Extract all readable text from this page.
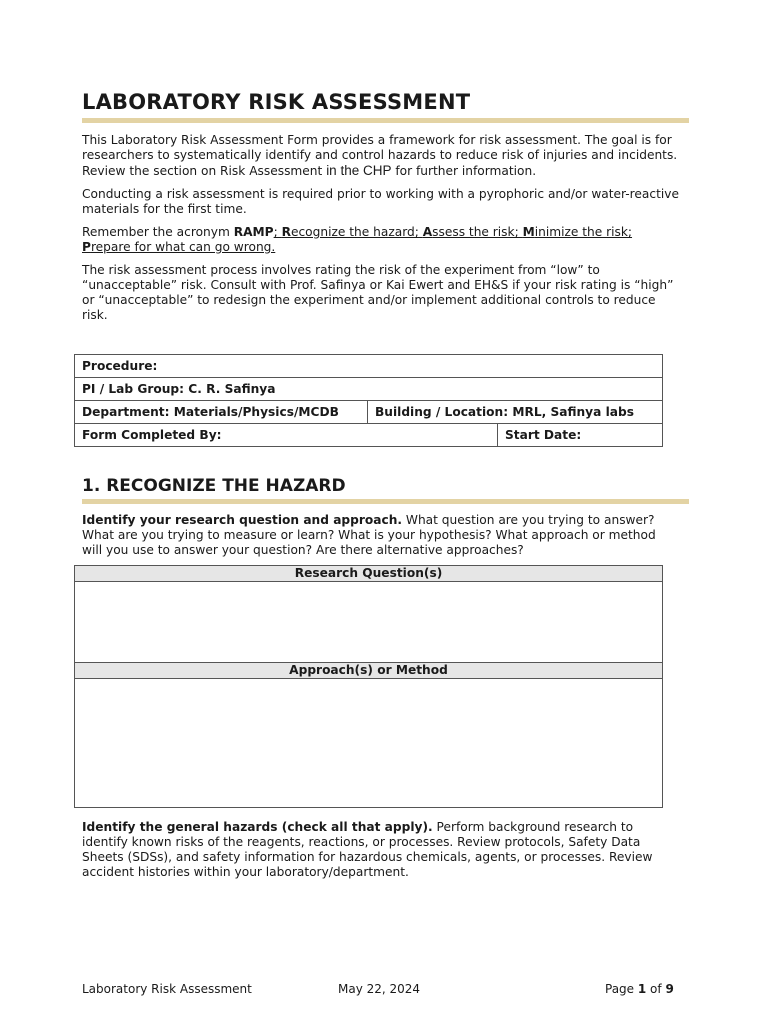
LABORATORY RISK ASSESSMENT

This Laboratory Risk Assessment Form provides a framework for risk assessment. The goal is for researchers to systematically identify and control hazards to reduce risk of injuries and incidents. Review the section on Risk Assessment in the CHP for further information.

Conducting a risk assessment is required prior to working with a pyrophoric and/or water-reactive materials for the first time.

Remember the acronym RAMP; Recognize the hazard; Assess the risk; Minimize the risk; Prepare for what can go wrong.

The risk assessment process involves rating the risk of the experiment from “low” to “unacceptable” risk. Consult with Prof. Safinya or Kai Ewert and EH&S if your risk rating is “high” or “unacceptable” to redesign the experiment and/or implement additional controls to reduce risk.

Procedure:		
PI / Lab Group: C. R. Safinya		
Department: Materials/Physics/MCDB	Building / Location: MRL, Safinya labs	
Form Completed By:		Start Date:
1. RECOGNIZE THE HAZARD

Identify your research question and approach. What question are you trying to answer? What are you trying to measure or learn? What is your hypothesis? What approach or method will you use to answer your question? Are there alternative approaches?

Research Question(s)
Approach(s) or Method

Identify the general hazards (check all that apply). Perform background research to identify known risks of the reagents, reactions, or processes. Review protocols, Safety Data Sheets (SDSs), and safety information for hazardous chemicals, agents, or processes. Review accident histories within your laboratory/department.

Laboratory Risk Assessment	May 22, 2024	Page 1 of 9
